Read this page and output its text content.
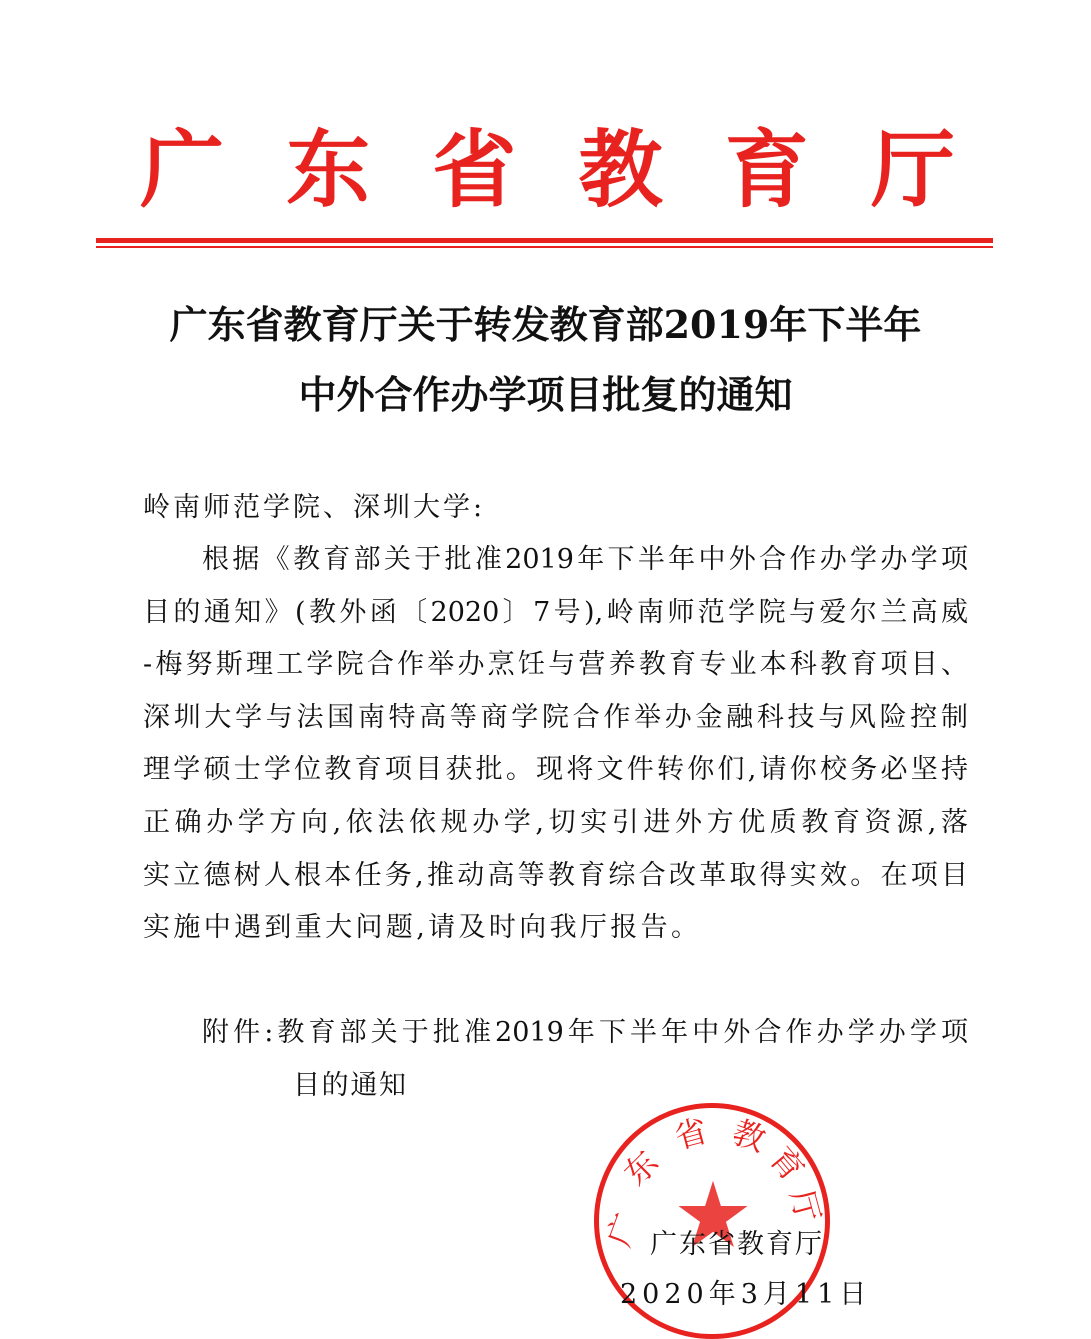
广 东 省 教 育 厅
广东省教育厅关于转发教育部2019年下半年
中外合作办学项目批复的通知
岭南师范学院、深圳大学:
根据《教育部关于批准2019年下半年中外合作办学办学项
目的通知》(教外函〔2020〕7号),岭南师范学院与爱尔兰高威
-梅努斯理工学院合作举办烹饪与营养教育专业本科教育项目、
深圳大学与法国南特高等商学院合作举办金融科技与风险控制
理学硕士学位教育项目获批。现将文件转你们,请你校务必坚持
正确办学方向,依法依规办学,切实引进外方优质教育资源,落
实立德树人根本任务,推动高等教育综合改革取得实效。在项目
实施中遇到重大问题,请及时向我厅报告。
附件:教育部关于批准2019年下半年中外合作办学办学项
目的通知
广
东
省 教
育
厅
广东省教育厅
2020年3月11日
